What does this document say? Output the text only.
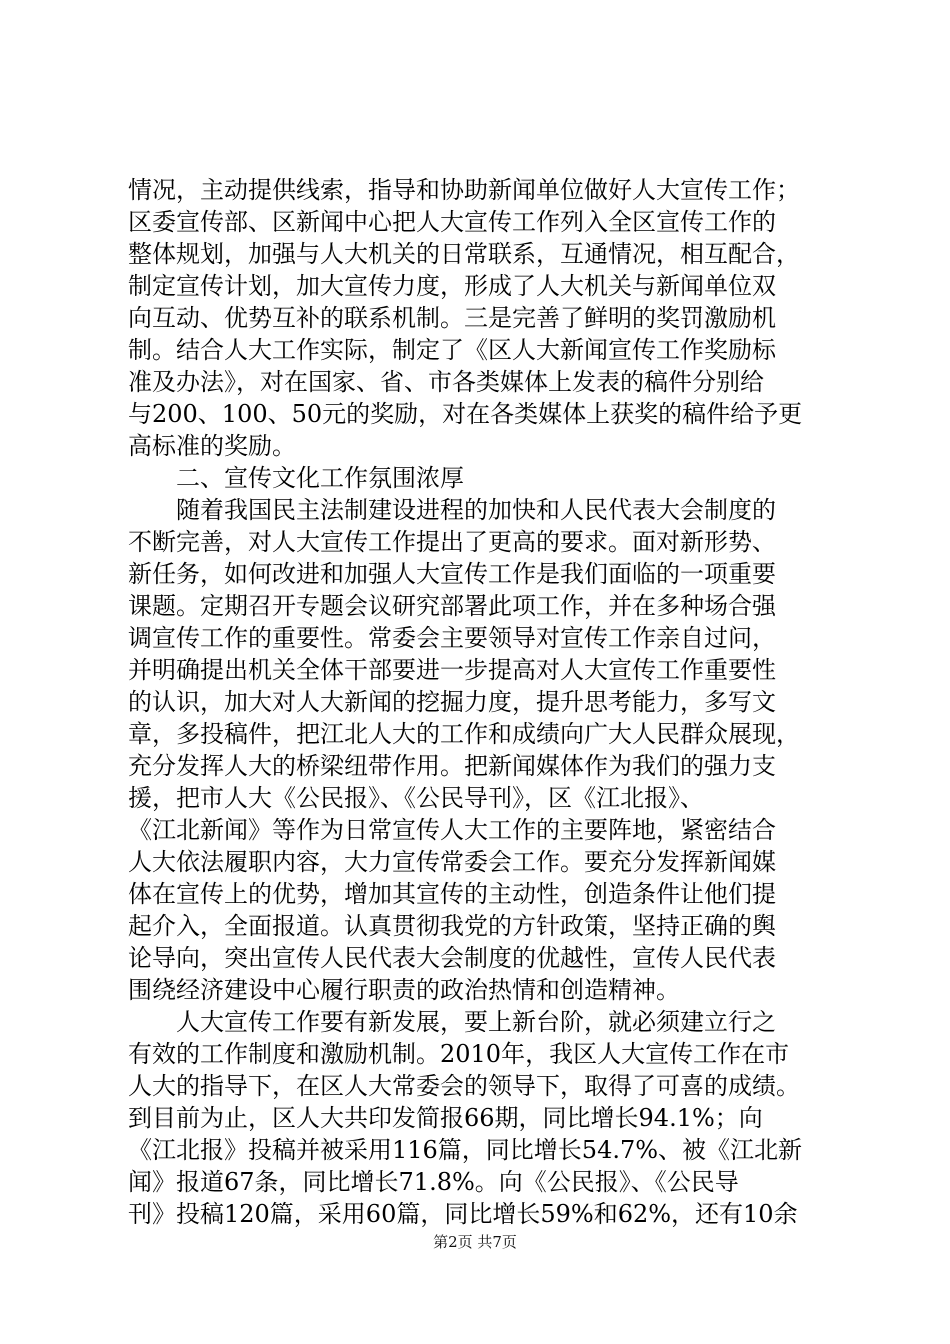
情况，主动提供线索，指导和协助新闻单位做好人大宣传工作；
区委宣传部、区新闻中心把人大宣传工作列入全区宣传工作的
整体规划，加强与人大机关的日常联系，互通情况，相互配合，
制定宣传计划，加大宣传力度，形成了人大机关与新闻单位双
向互动、优势互补的联系机制。三是完善了鲜明的奖罚激励机
制。结合人大工作实际，制定了《区人大新闻宣传工作奖励标
准及办法》，对在国家、省、市各类媒体上发表的稿件分别给
与200、100、50元的奖励，对在各类媒体上获奖的稿件给予更
高标准的奖励。
　　二、宣传文化工作氛围浓厚
　　随着我国民主法制建设进程的加快和人民代表大会制度的
不断完善，对人大宣传工作提出了更高的要求。面对新形势、
新任务，如何改进和加强人大宣传工作是我们面临的一项重要
课题。定期召开专题会议研究部署此项工作，并在多种场合强
调宣传工作的重要性。常委会主要领导对宣传工作亲自过问，
并明确提出机关全体干部要进一步提高对人大宣传工作重要性
的认识，加大对人大新闻的挖掘力度，提升思考能力，多写文
章，多投稿件，把江北人大的工作和成绩向广大人民群众展现，
充分发挥人大的桥梁纽带作用。把新闻媒体作为我们的强力支
援，把市人大《公民报》、《公民导刊》，区《江北报》、
《江北新闻》等作为日常宣传人大工作的主要阵地，紧密结合
人大依法履职内容，大力宣传常委会工作。要充分发挥新闻媒
体在宣传上的优势，增加其宣传的主动性，创造条件让他们提
起介入，全面报道。认真贯彻我党的方针政策，坚持正确的舆
论导向，突出宣传人民代表大会制度的优越性，宣传人民代表
围绕经济建设中心履行职责的政治热情和创造精神。
　　人大宣传工作要有新发展，要上新台阶，就必须建立行之
有效的工作制度和激励机制。2010年，我区人大宣传工作在市
人大的指导下，在区人大常委会的领导下，取得了可喜的成绩。
到目前为止，区人大共印发简报66期，同比增长94.1%；向
《江北报》投稿并被采用116篇，同比增长54.7%、被《江北新
闻》报道67条，同比增长71.8%。向《公民报》、《公民导
刊》投稿120篇，采用60篇，同比增长59%和62%，还有10余
第2页 共7页
